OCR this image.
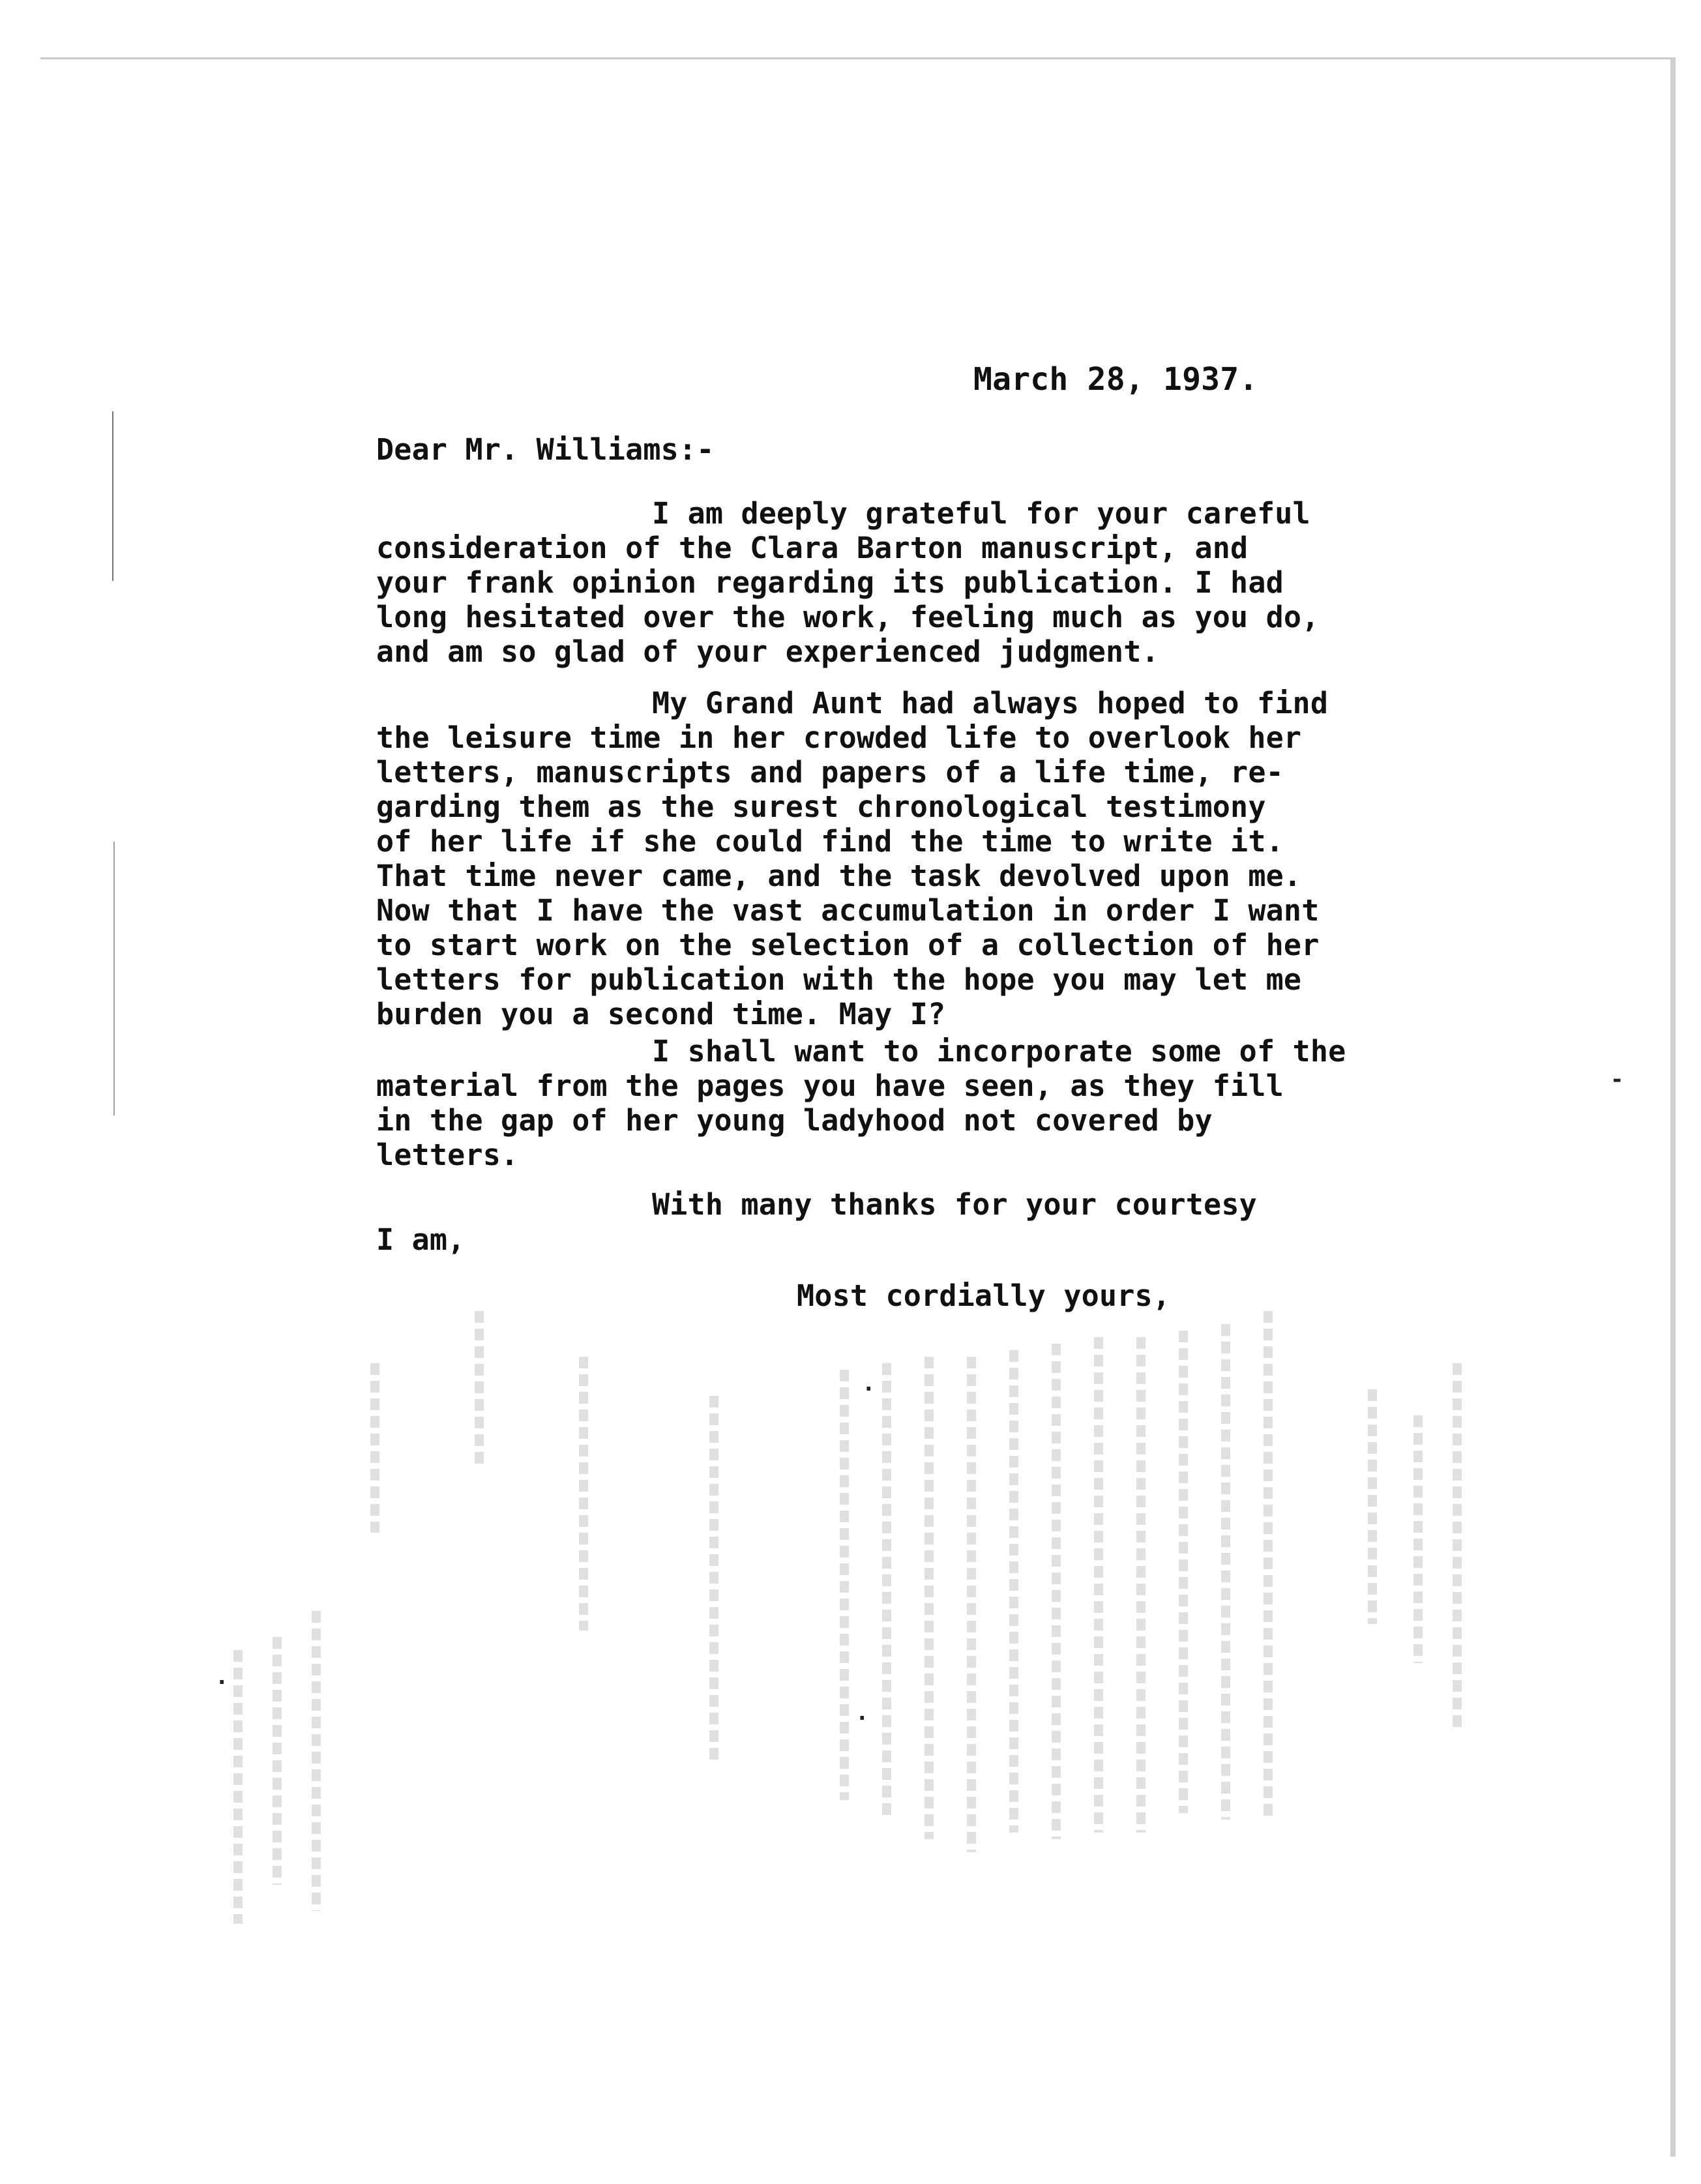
-
·
·
·
March 28, 1937.
Dear Mr. Williams:-
I am deeply grateful for your careful
consideration of the Clara Barton manuscript, and
your frank opinion regarding its publication. I had
long hesitated over the work, feeling much as you do,
and am so glad of your experienced judgment.
My Grand Aunt had always hoped to find
the leisure time in her crowded life to overlook her
letters, manuscripts and papers of a life time, re-
garding them as the surest chronological testimony
of her life if she could find the time to write it.
That time never came, and the task devolved upon me.
Now that I have the vast accumulation in order I want
to start work on the selection of a collection of her
letters for publication with the hope you may let me
burden you a second time. May I?
I shall want to incorporate some of the
material from the pages you have seen, as they fill
in the gap of her young ladyhood not covered by
letters.
With many thanks for your courtesy
I am,
Most cordially yours,
